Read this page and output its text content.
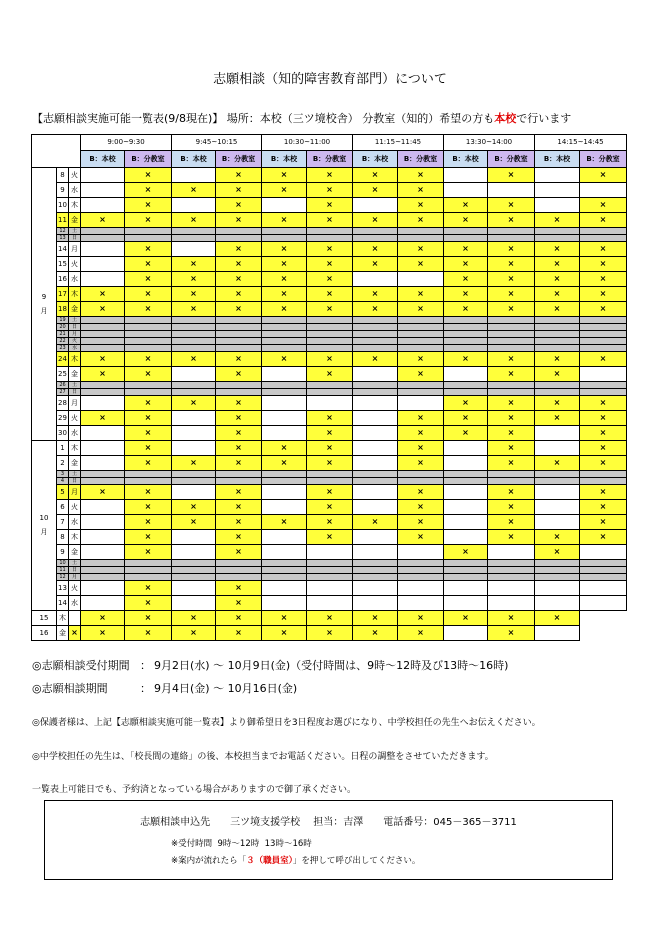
志願相談（知的障害教育部門）について
【志願相談実施可能一覧表(9/8現在)】 場所：本校（三ツ境校舎） 分教室（知的）希望の方も本校で行います
			9:00~9:30		9:45~10:15		10:30~11:00		11:15~11:45		13:30~14:00		14:15~14:45	
			B：本校	B：分教室	B：本校	B：分教室	B：本校	B：分教室	B：本校	B：分教室	B：本校	B：分教室	B：本校	B：分教室
9

月	8	火		×		×	×	×	×	×		×		×
	9	水		×	×	×	×	×	×	×				
	10	木		×		×		×		×	×	×		×
	11	金	×	×	×	×	×	×	×	×	×	×	×	×
	12	土												
	13	日												
	14	月		×		×	×	×	×	×	×	×	×	×
	15	火		×	×	×	×	×	×	×	×	×	×	×
	16	水		×	×	×	×	×			×	×	×	×
	17	木	×	×	×	×	×	×	×	×	×	×	×	×
	18	金	×	×	×	×	×	×	×	×	×	×	×	×
	19	土												
	20	日												
	21	月												
	22	火												
	23	水												
	24	木	×	×	×	×	×	×	×	×	×	×	×	×
	25	金	×	×		×		×		×		×	×	
	26	土												
	27	日												
	28	月		×	×	×					×	×	×	×
	29	火	×	×		×		×		×	×	×	×	×
	30	水		×		×		×		×	×	×		×
10

月	1	木		×		×	×	×		×		×		×
	2	金		×	×	×	×	×		×		×	×	×
	3	土												
	4	日												
	5	月	×	×		×		×		×		×		×
	6	火		×	×	×		×		×		×		×
	7	水		×	×	×	×	×	×	×		×		×
	8	木		×		×		×		×		×	×	×
	9	金		×		×					×		×	
	10	土												
	11	日												
	12	月												
	13	火		×		×								
	14	水		×		×								
15	木		×	×	×	×	×	×	×	×	×	×	×	
16	金	×	×	×	×	×	×	×	×	×		×		
◎志願相談受付期間 ： 9月2日(水) 〜 10月9日(金)（受付時間は、9時〜12時及び13時〜16時)
◎志願相談期間	： 9月4日(金) 〜 10月16日(金)
◎保護者様は、上記【志願相談実施可能一覧表】より御希望日を3日程度お選びになり、中学校担任の先生へお伝えください。
◎中学校担任の先生は、「校長間の連絡」の後、本校担当までお電話ください。日程の調整をさせていただきます。
一覧表上可能日でも、予約済となっている場合がありますので御了承ください。
志願相談申込先　　三ツ境支援学校　 担当：吉澤　　電話番号：045－365－3711
※受付時間  9時〜12時  13時〜16時
※案内が流れたら「３（職員室）」を押して呼び出してください。
